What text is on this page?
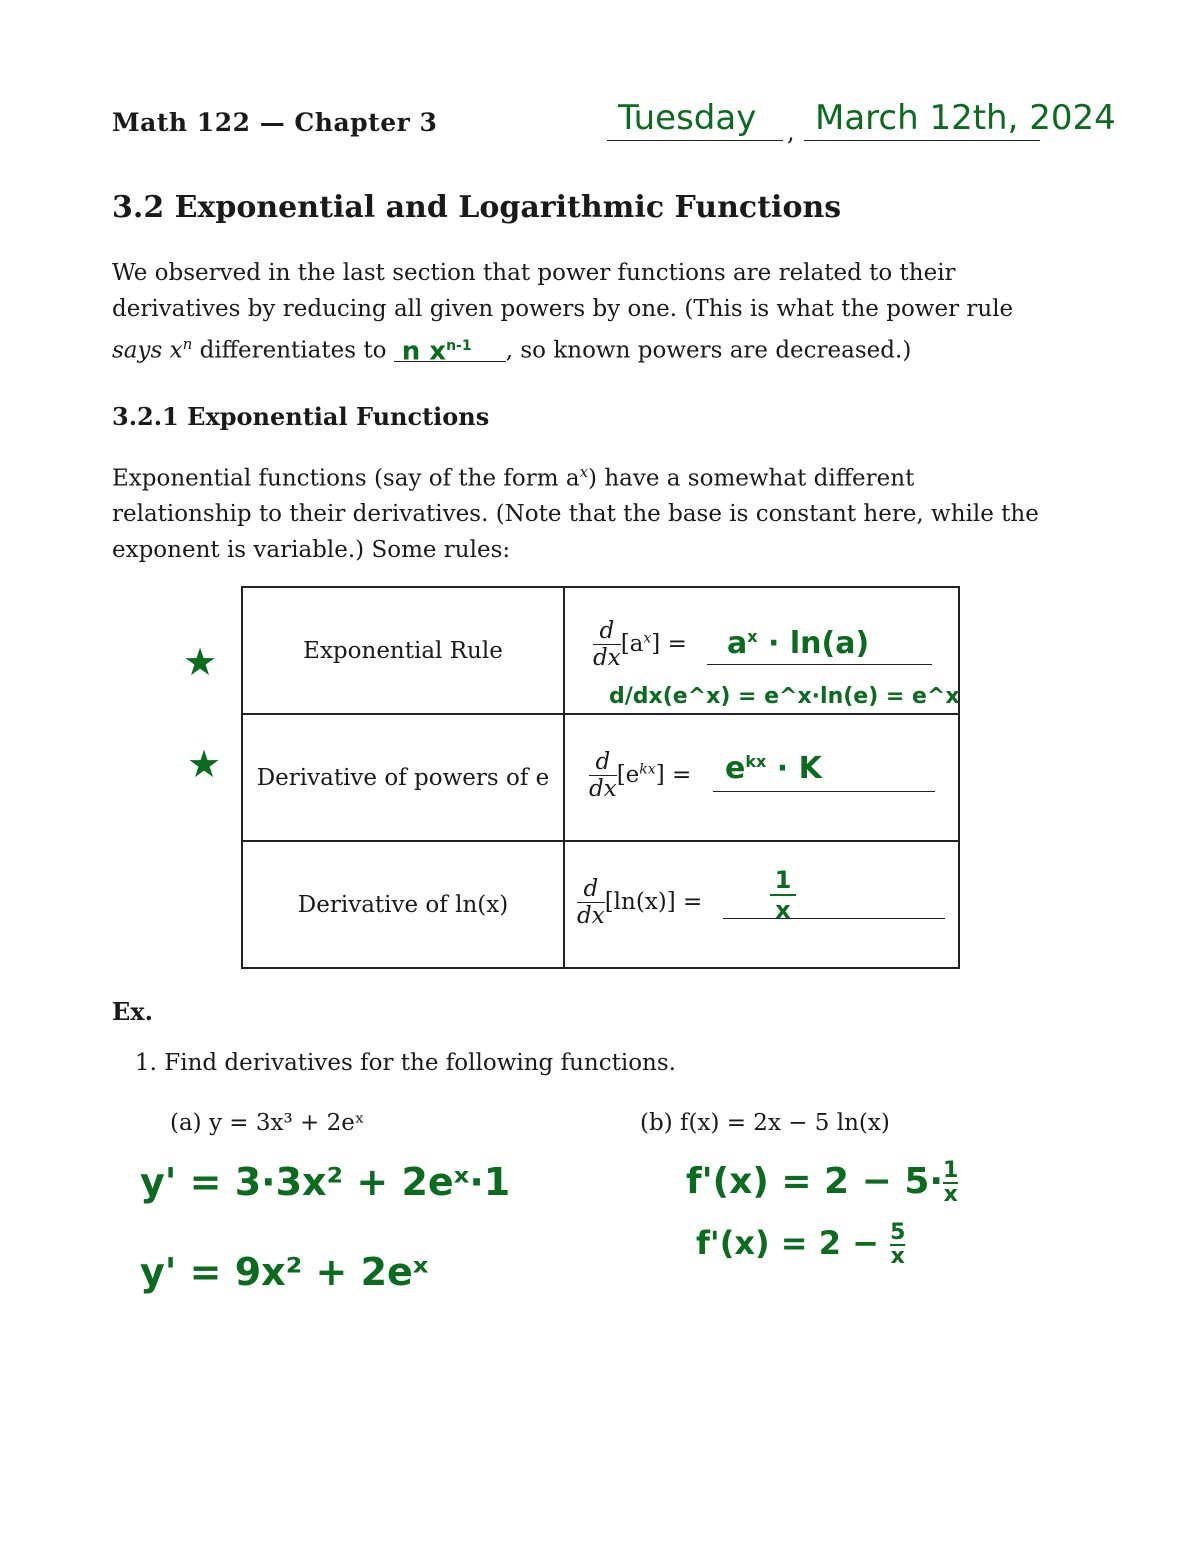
Math 122 — Chapter 3	Tuesday , March 12th, 2024
3.2 Exponential and Logarithmic Functions
We observed in the last section that power functions are related to their
derivatives by reducing all given powers by one. (This is what the power rule
says $x^n$ differentiates to n $x^{n-1}$ , so known powers are decreased.)
3.2.1 Exponential Functions
Exponential functions (say of the form $a^x$) have a somewhat different
relationship to their derivatives. (Note that the base is constant here, while the
exponent is variable.) Some rules:
★
★
Exponential Rule	$\frac{d}{dx} [a^x] = a^x \cdot \ln(a)$
d/dx(e^x) = e^x·ln(e) = e^x

Derivative of powers of e	$\frac{d}{dx} [e^{kx}] = e^{kx} \cdot K$

Derivative of ln(x)	$\frac{d}{dx} [\ln(x)]$ =
1
x
Ex.
1. Find derivatives for the following functions.
(a) y = 3x³ + 2eˣ	(b) f(x) = 2x − 5 ln(x)
y' = 3·3x² + 2eˣ·1
y' = 9x² + 2eˣ
$f'(x) = 2 - 5\cdot \frac{1}{x}$
$f'(x) = 2 - \frac{5}{x}$
